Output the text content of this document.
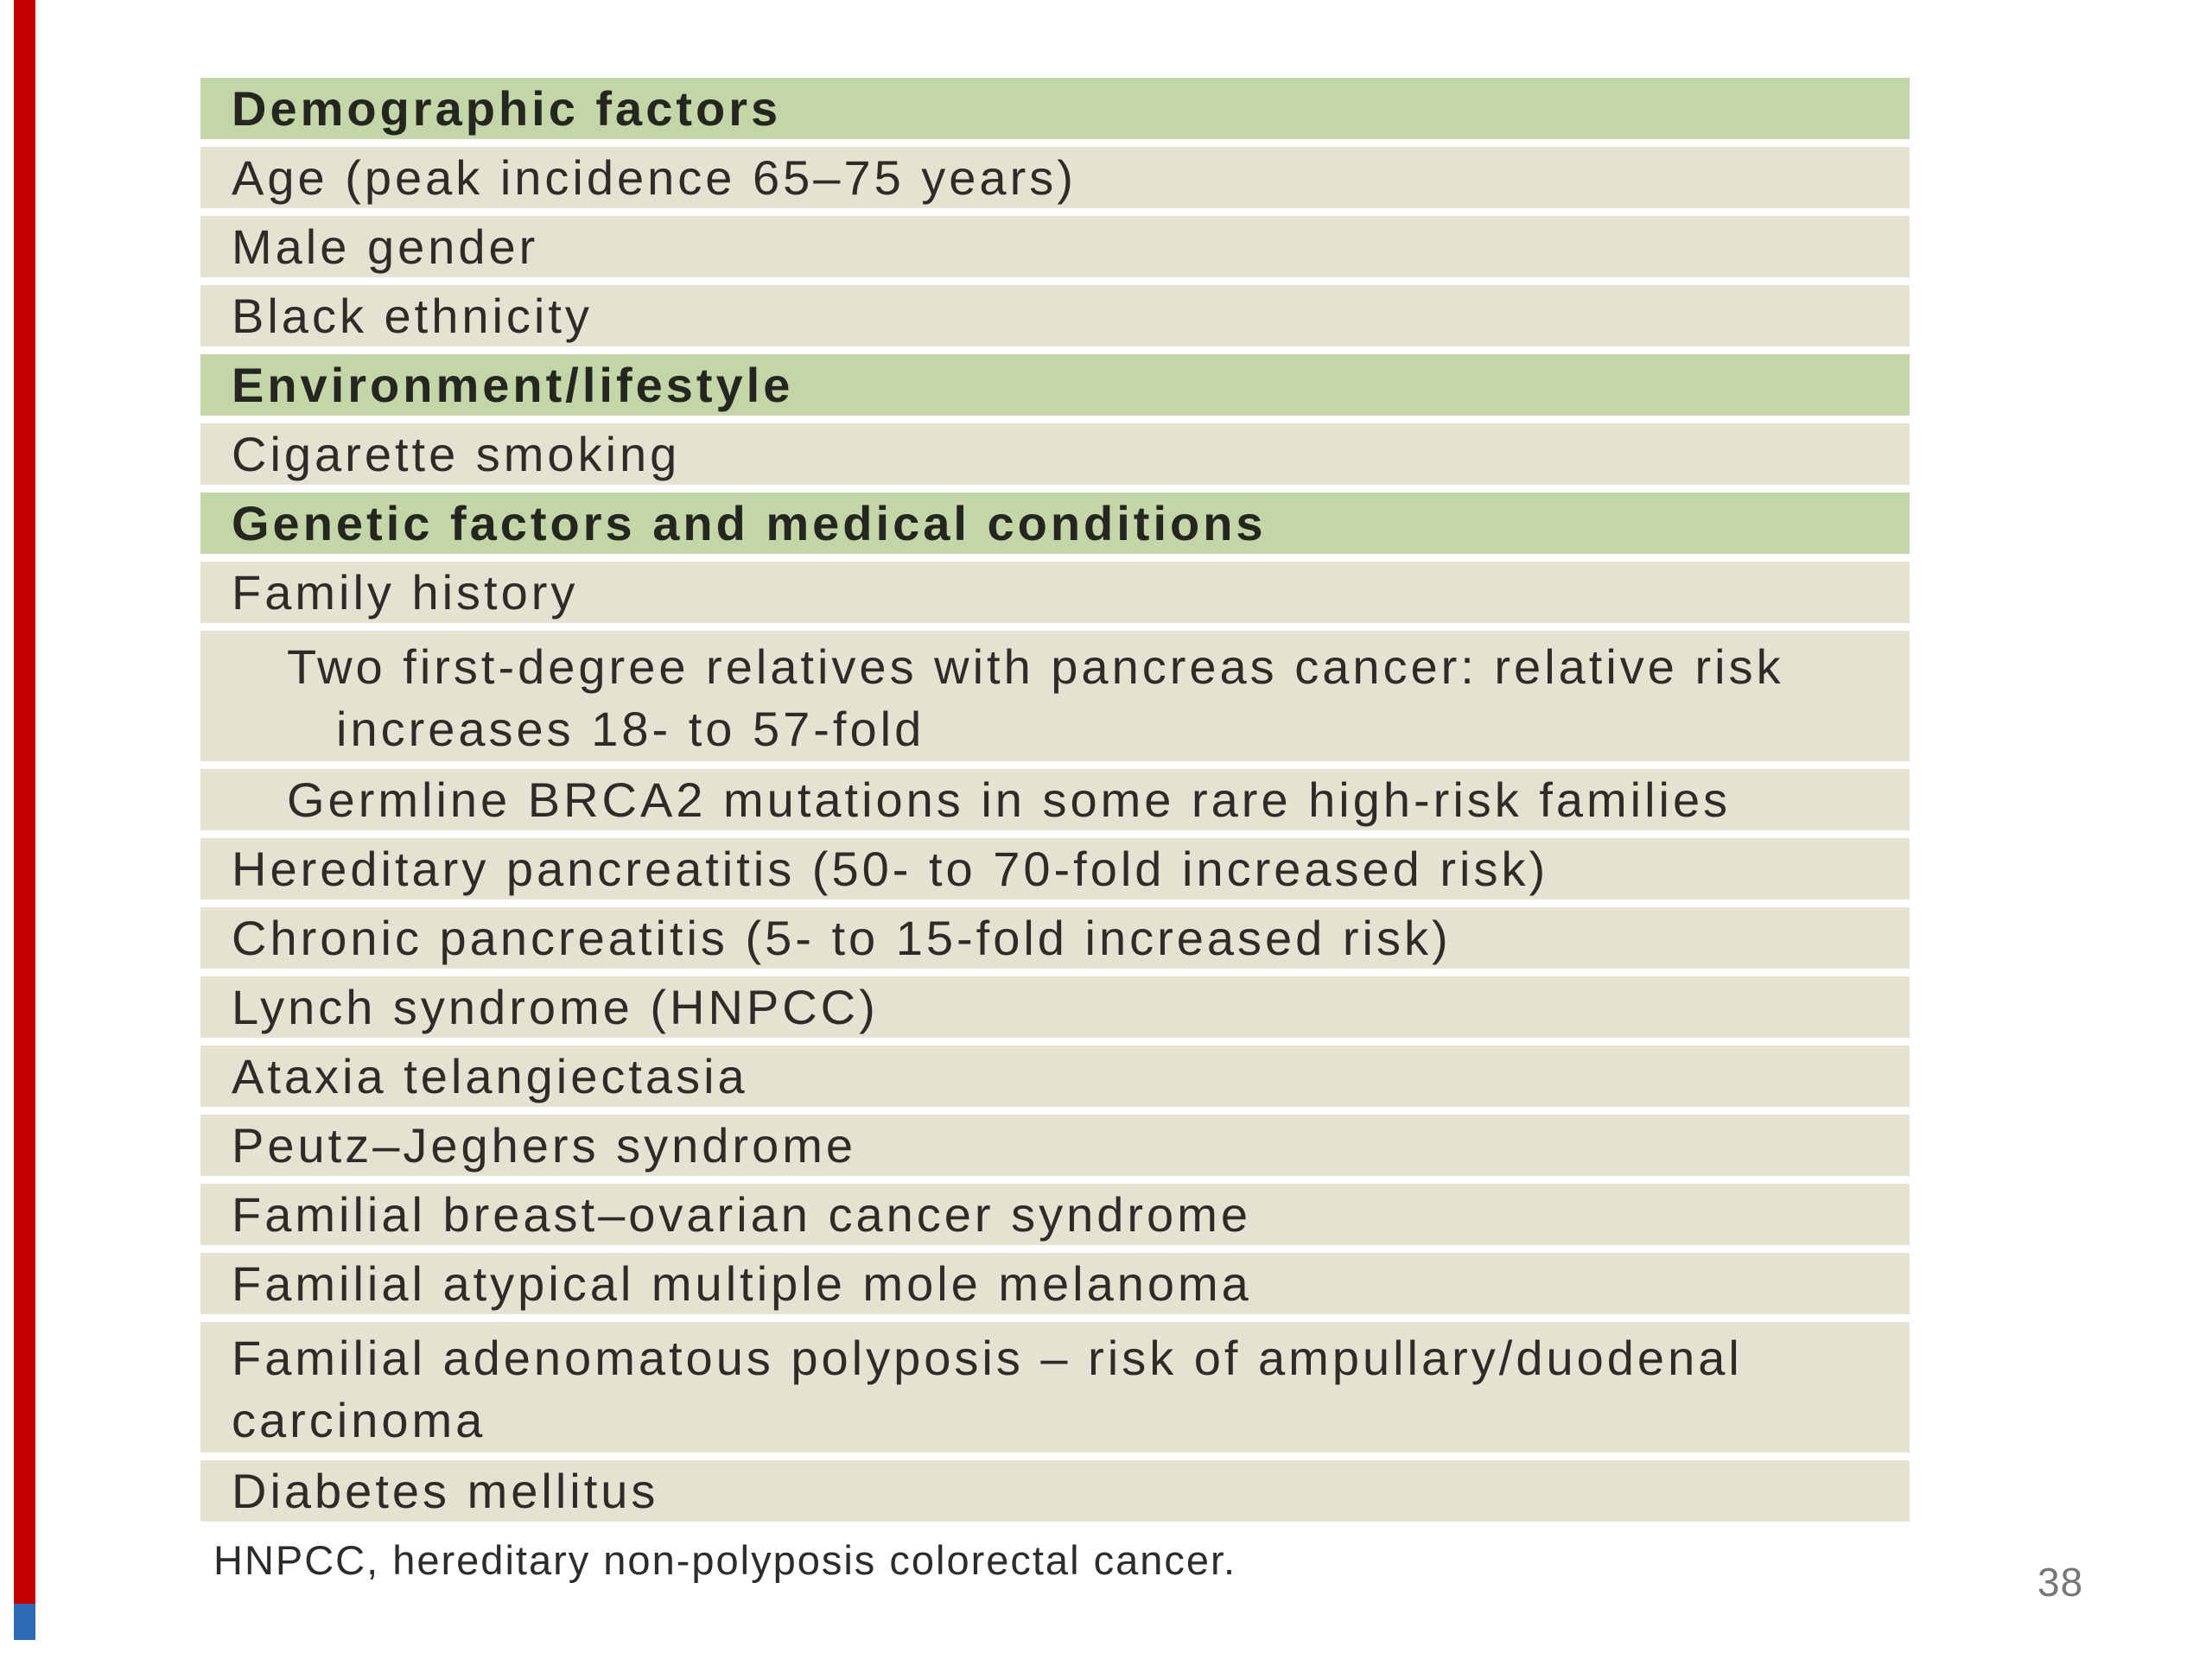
Demographic factors
Age (peak incidence 65–75 years)
Male gender
Black ethnicity
Environment/lifestyle
Cigarette smoking
Genetic factors and medical conditions
Family history
Two first-degree relatives with pancreas cancer: relative risk
increases 18- to 57-fold
Germline BRCA2 mutations in some rare high-risk families
Hereditary pancreatitis (50- to 70-fold increased risk)
Chronic pancreatitis (5- to 15-fold increased risk)
Lynch syndrome (HNPCC)
Ataxia telangiectasia
Peutz–Jeghers syndrome
Familial breast–ovarian cancer syndrome
Familial atypical multiple mole melanoma
Familial adenomatous polyposis – risk of ampullary/duodenal
carcinoma
Diabetes mellitus
HNPCC, hereditary non-polyposis colorectal cancer.	38
